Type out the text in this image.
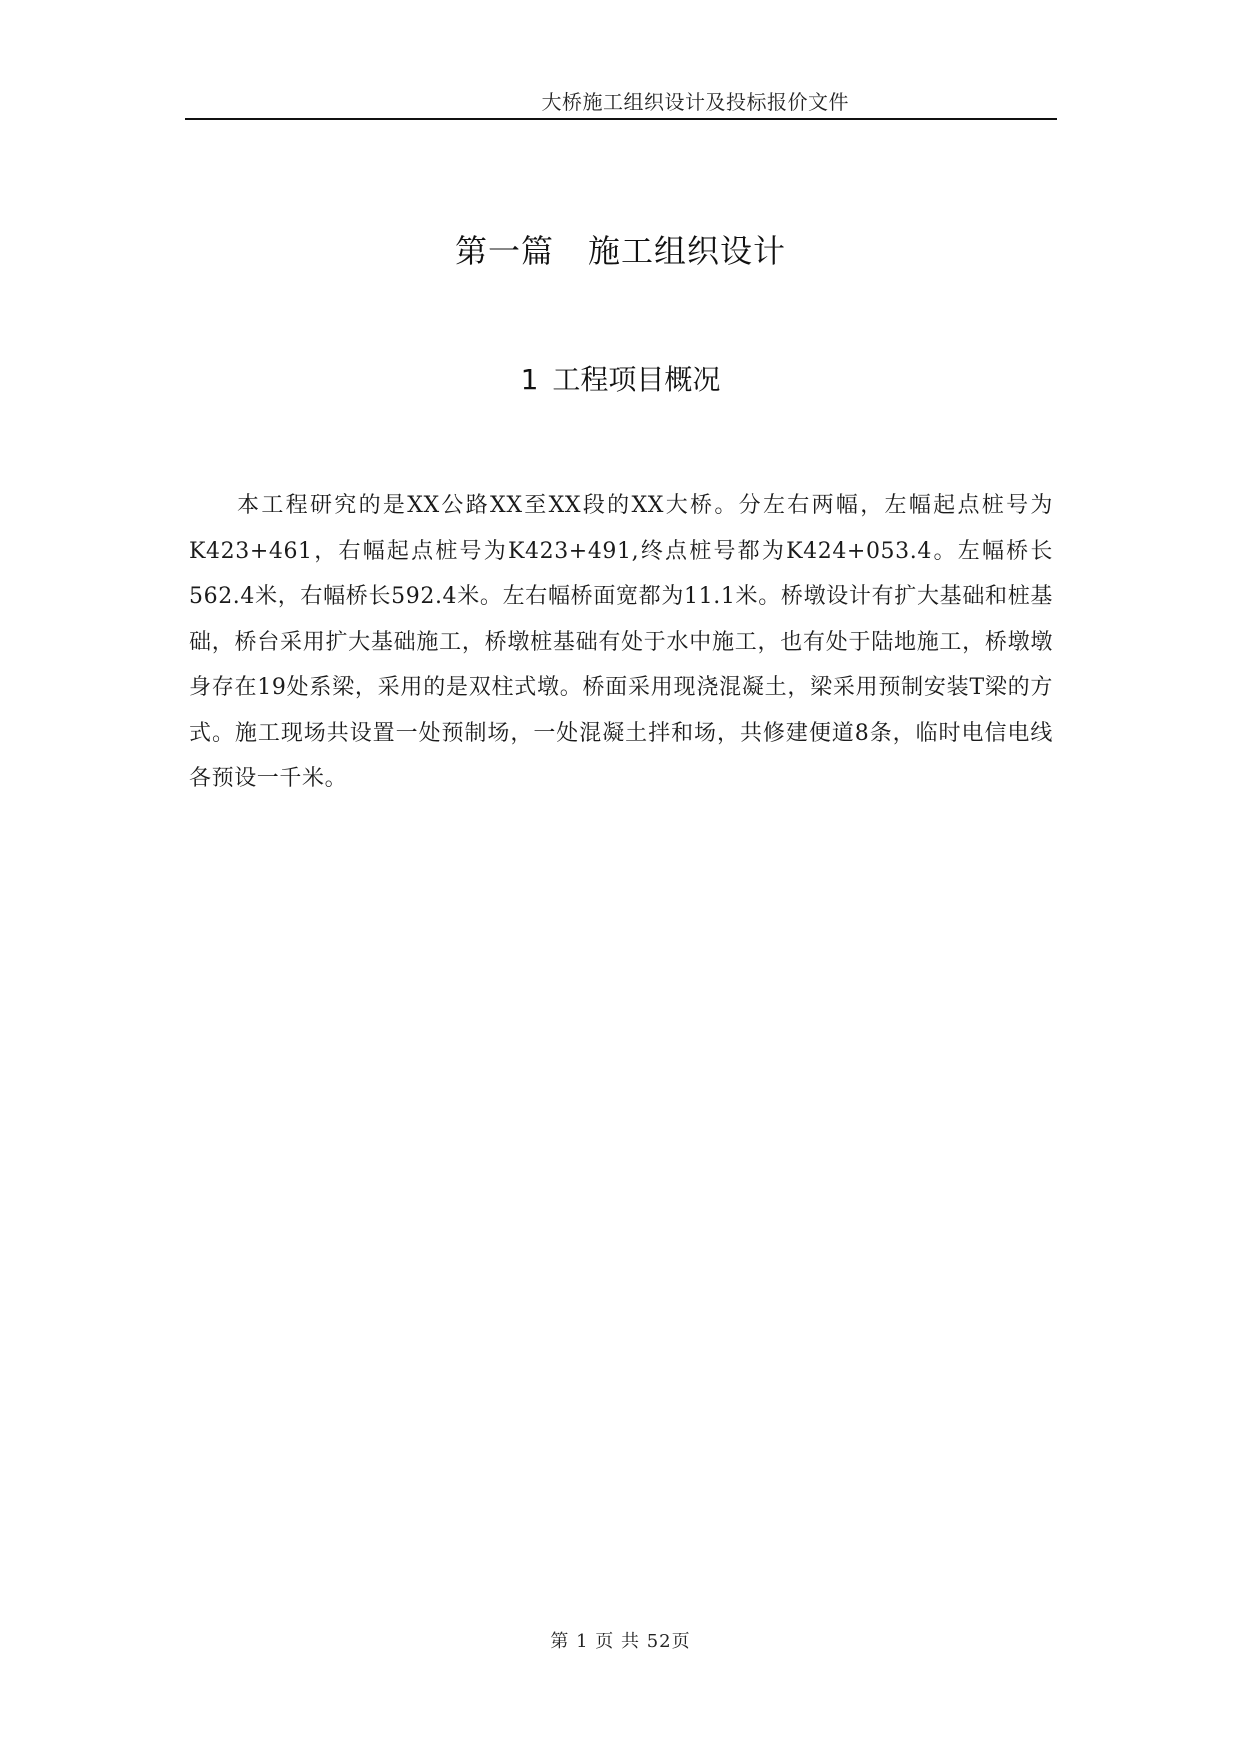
大桥施工组织设计及投标报价文件
第一篇 施工组织设计
1 工程项目概况

本工程研究的是XX公路XX至XX段的XX大桥。分左右两幅，左幅起点桩号为K423+461，右幅起点桩号为K423+491,终点桩号都为K424+053.4。左幅桥长562.4米，右幅桥长592.4米。左右幅桥面宽都为11.1米。桥墩设计有扩大基础和桩基础，桥台采用扩大基础施工，桥墩桩基础有处于水中施工，也有处于陆地施工，桥墩墩身存在19处系梁，采用的是双柱式墩。桥面采用现浇混凝土，梁采用预制安装T梁的方式。施工现场共设置一处预制场，一处混凝土拌和场，共修建便道8条，临时电信电线各预设一千米。

第 1 页 共 52页
